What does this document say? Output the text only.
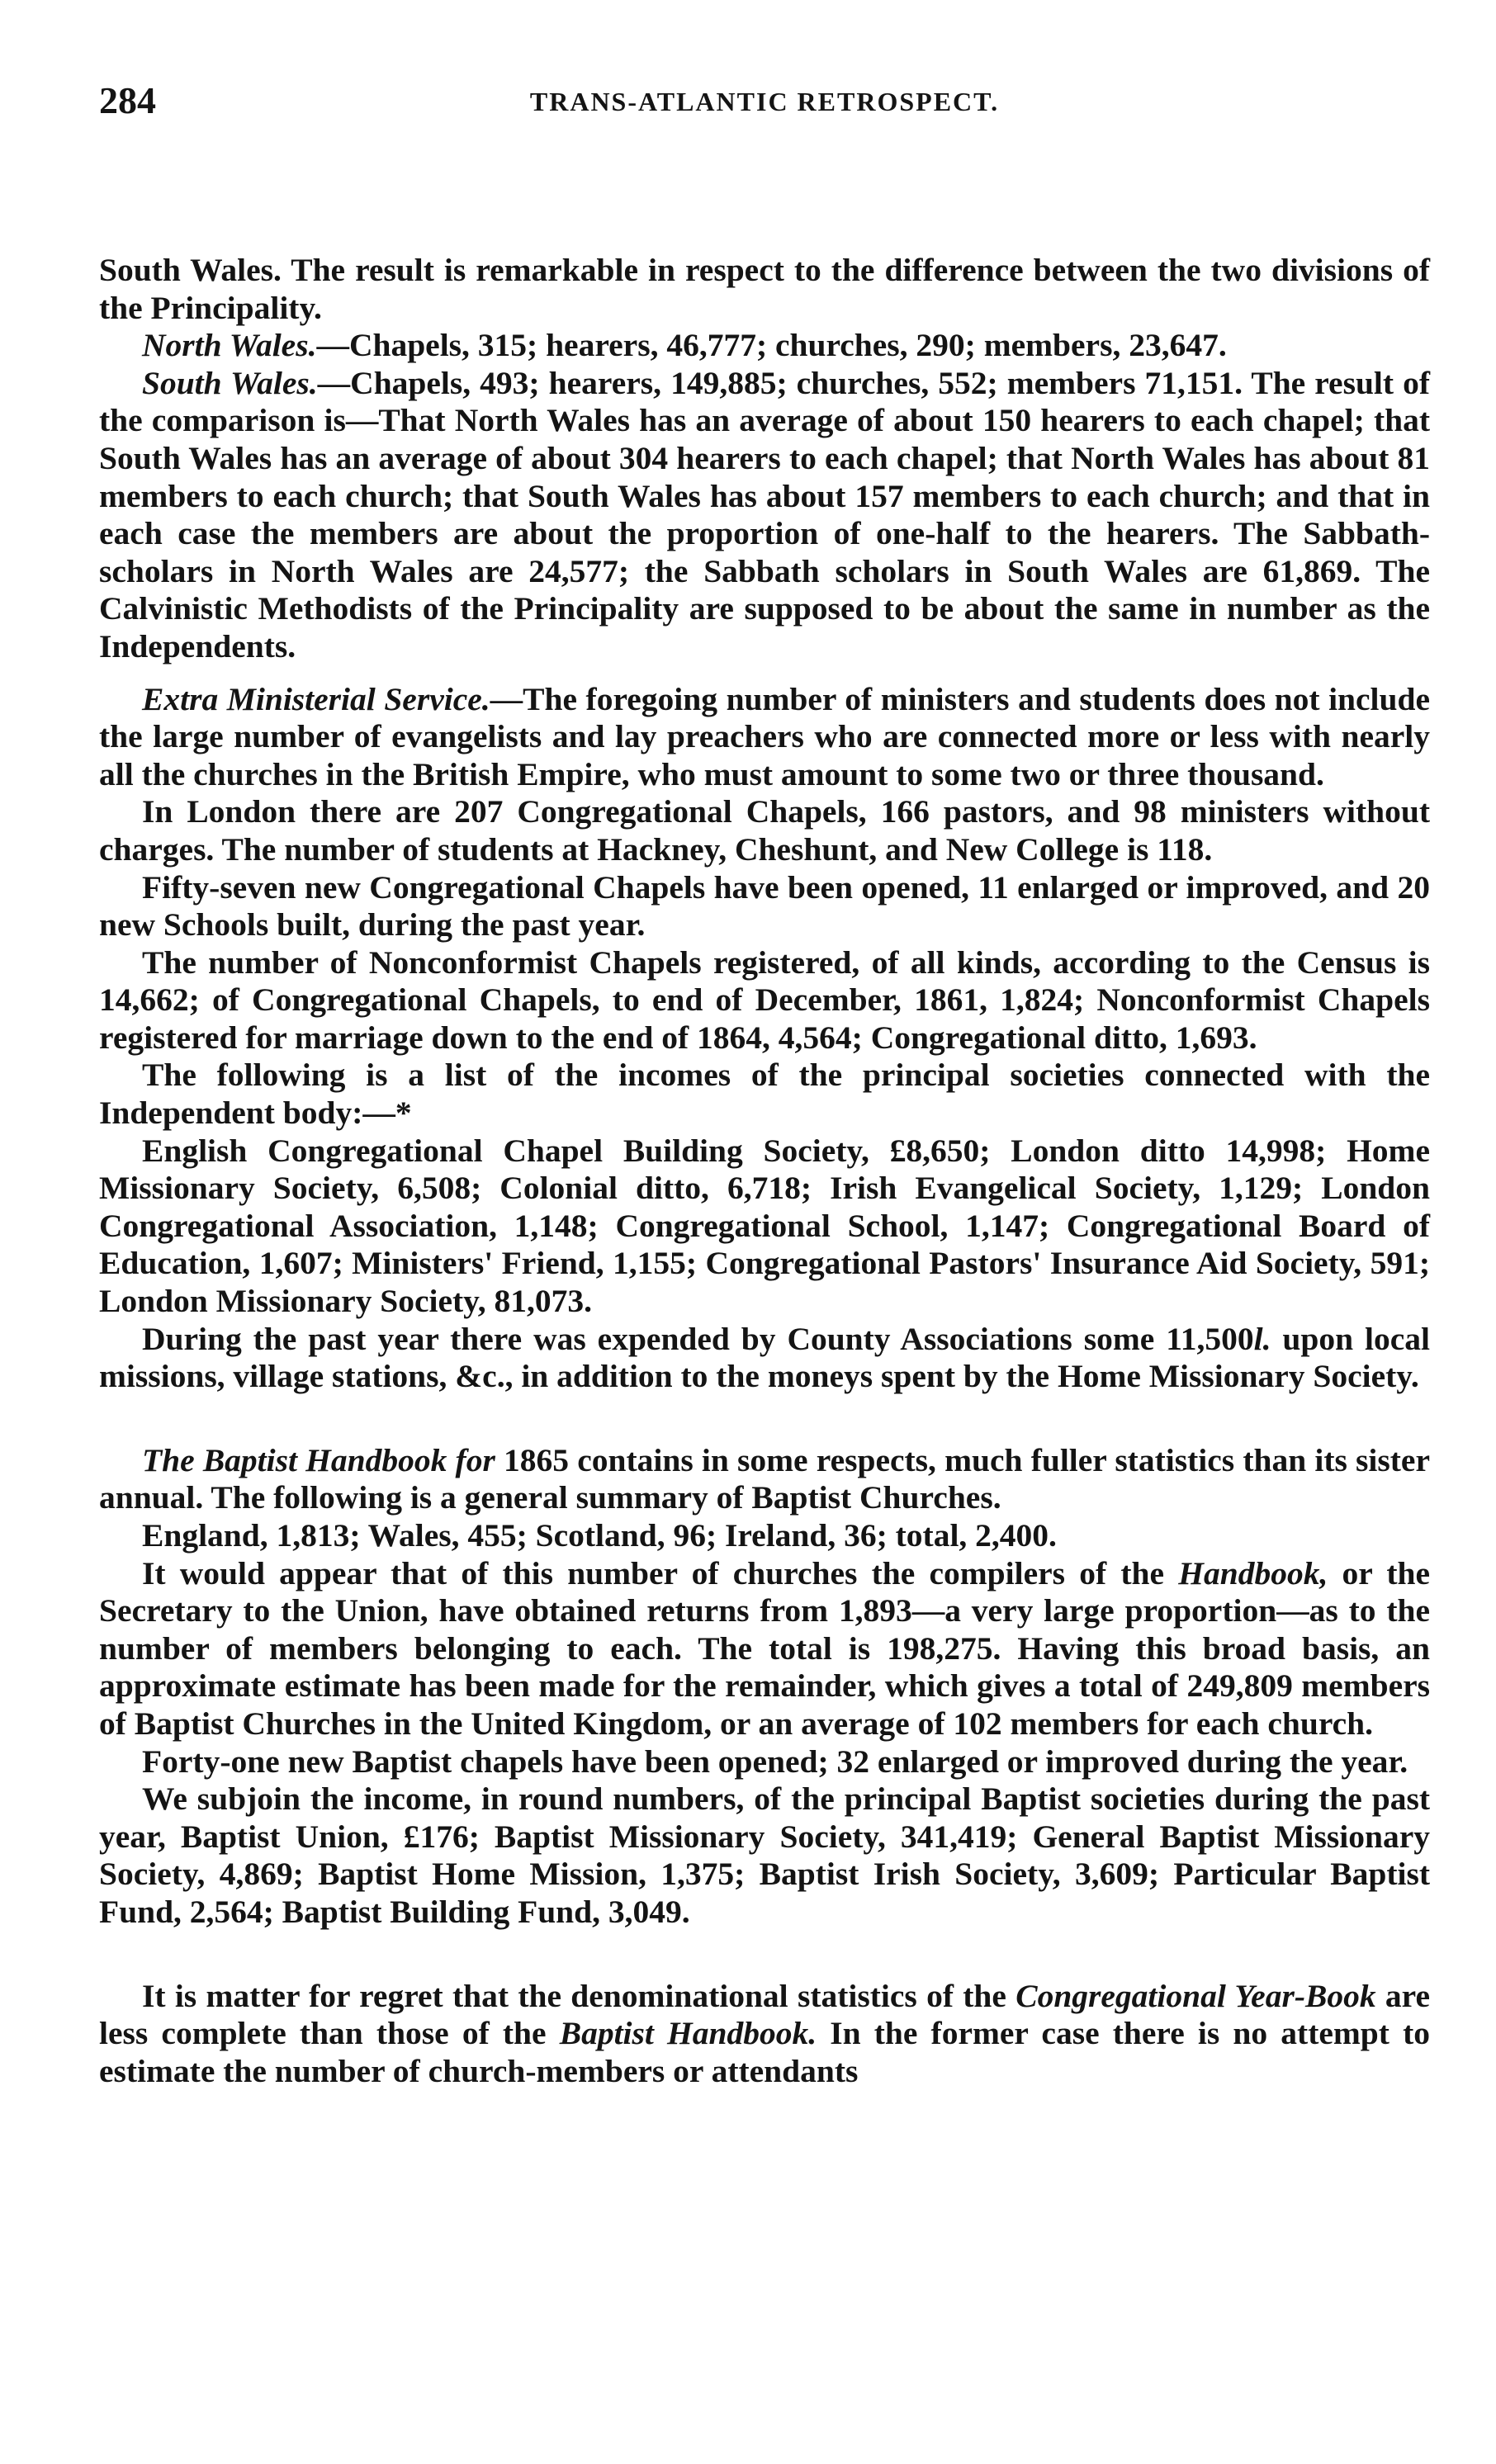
284	TRANS-ATLANTIC RETROSPECT.

South Wales. The result is remarkable in respect to the difference between the two divisions of the Principality.

North Wales.—Chapels, 315; hearers, 46,777; churches, 290; members, 23,647.

South Wales.—Chapels, 493; hearers, 149,885; churches, 552; members 71,151. The result of the comparison is—That North Wales has an average of about 150 hearers to each chapel; that South Wales has an average of about 304 hearers to each chapel; that North Wales has about 81 members to each church; that South Wales has about 157 members to each church; and that in each case the members are about the proportion of one-half to the hearers. The Sabbath-scholars in North Wales are 24,577; the Sabbath scholars in South Wales are 61,869. The Calvinistic Methodists of the Principality are supposed to be about the same in number as the Independents.

Extra Ministerial Service.—The foregoing number of ministers and students does not include the large number of evangelists and lay preachers who are connected more or less with nearly all the churches in the British Empire, who must amount to some two or three thousand.

In London there are 207 Congregational Chapels, 166 pastors, and 98 ministers without charges. The number of students at Hackney, Cheshunt, and New College is 118.

Fifty-seven new Congregational Chapels have been opened, 11 enlarged or improved, and 20 new Schools built, during the past year.

The number of Nonconformist Chapels registered, of all kinds, according to the Census is 14,662; of Congregational Chapels, to end of December, 1861, 1,824; Nonconformist Chapels registered for marriage down to the end of 1864, 4,564; Congregational ditto, 1,693.

The following is a list of the incomes of the principal societies connected with the Independent body:—*

English Congregational Chapel Building Society, £8,650; London ditto 14,998; Home Missionary Society, 6,508; Colonial ditto, 6,718; Irish Evangelical Society, 1,129; London Congregational Association, 1,148; Congregational School, 1,147; Congregational Board of Education, 1,607; Ministers' Friend, 1,155; Congregational Pastors' Insurance Aid Society, 591; London Missionary Society, 81,073.

During the past year there was expended by County Associations some 11,500l. upon local missions, village stations, &c., in addition to the moneys spent by the Home Missionary Society.

The Baptist Handbook for 1865 contains in some respects, much fuller statistics than its sister annual. The following is a general summary of Baptist Churches.

England, 1,813; Wales, 455; Scotland, 96; Ireland, 36; total, 2,400.

It would appear that of this number of churches the compilers of the Handbook, or the Secretary to the Union, have obtained returns from 1,893—a very large proportion—as to the number of members belonging to each. The total is 198,275. Having this broad basis, an approximate estimate has been made for the remainder, which gives a total of 249,809 members of Baptist Churches in the United Kingdom, or an average of 102 members for each church.

Forty-one new Baptist chapels have been opened; 32 enlarged or improved during the year.

We subjoin the income, in round numbers, of the principal Baptist societies during the past year, Baptist Union, £176; Baptist Missionary Society, 341,419; General Baptist Missionary Society, 4,869; Baptist Home Mission, 1,375; Baptist Irish Society, 3,609; Particular Baptist Fund, 2,564; Baptist Building Fund, 3,049.

It is matter for regret that the denominational statistics of the Congregational Year-Book are less complete than those of the Baptist Handbook. In the former case there is no attempt to estimate the number of church-members or attendants
